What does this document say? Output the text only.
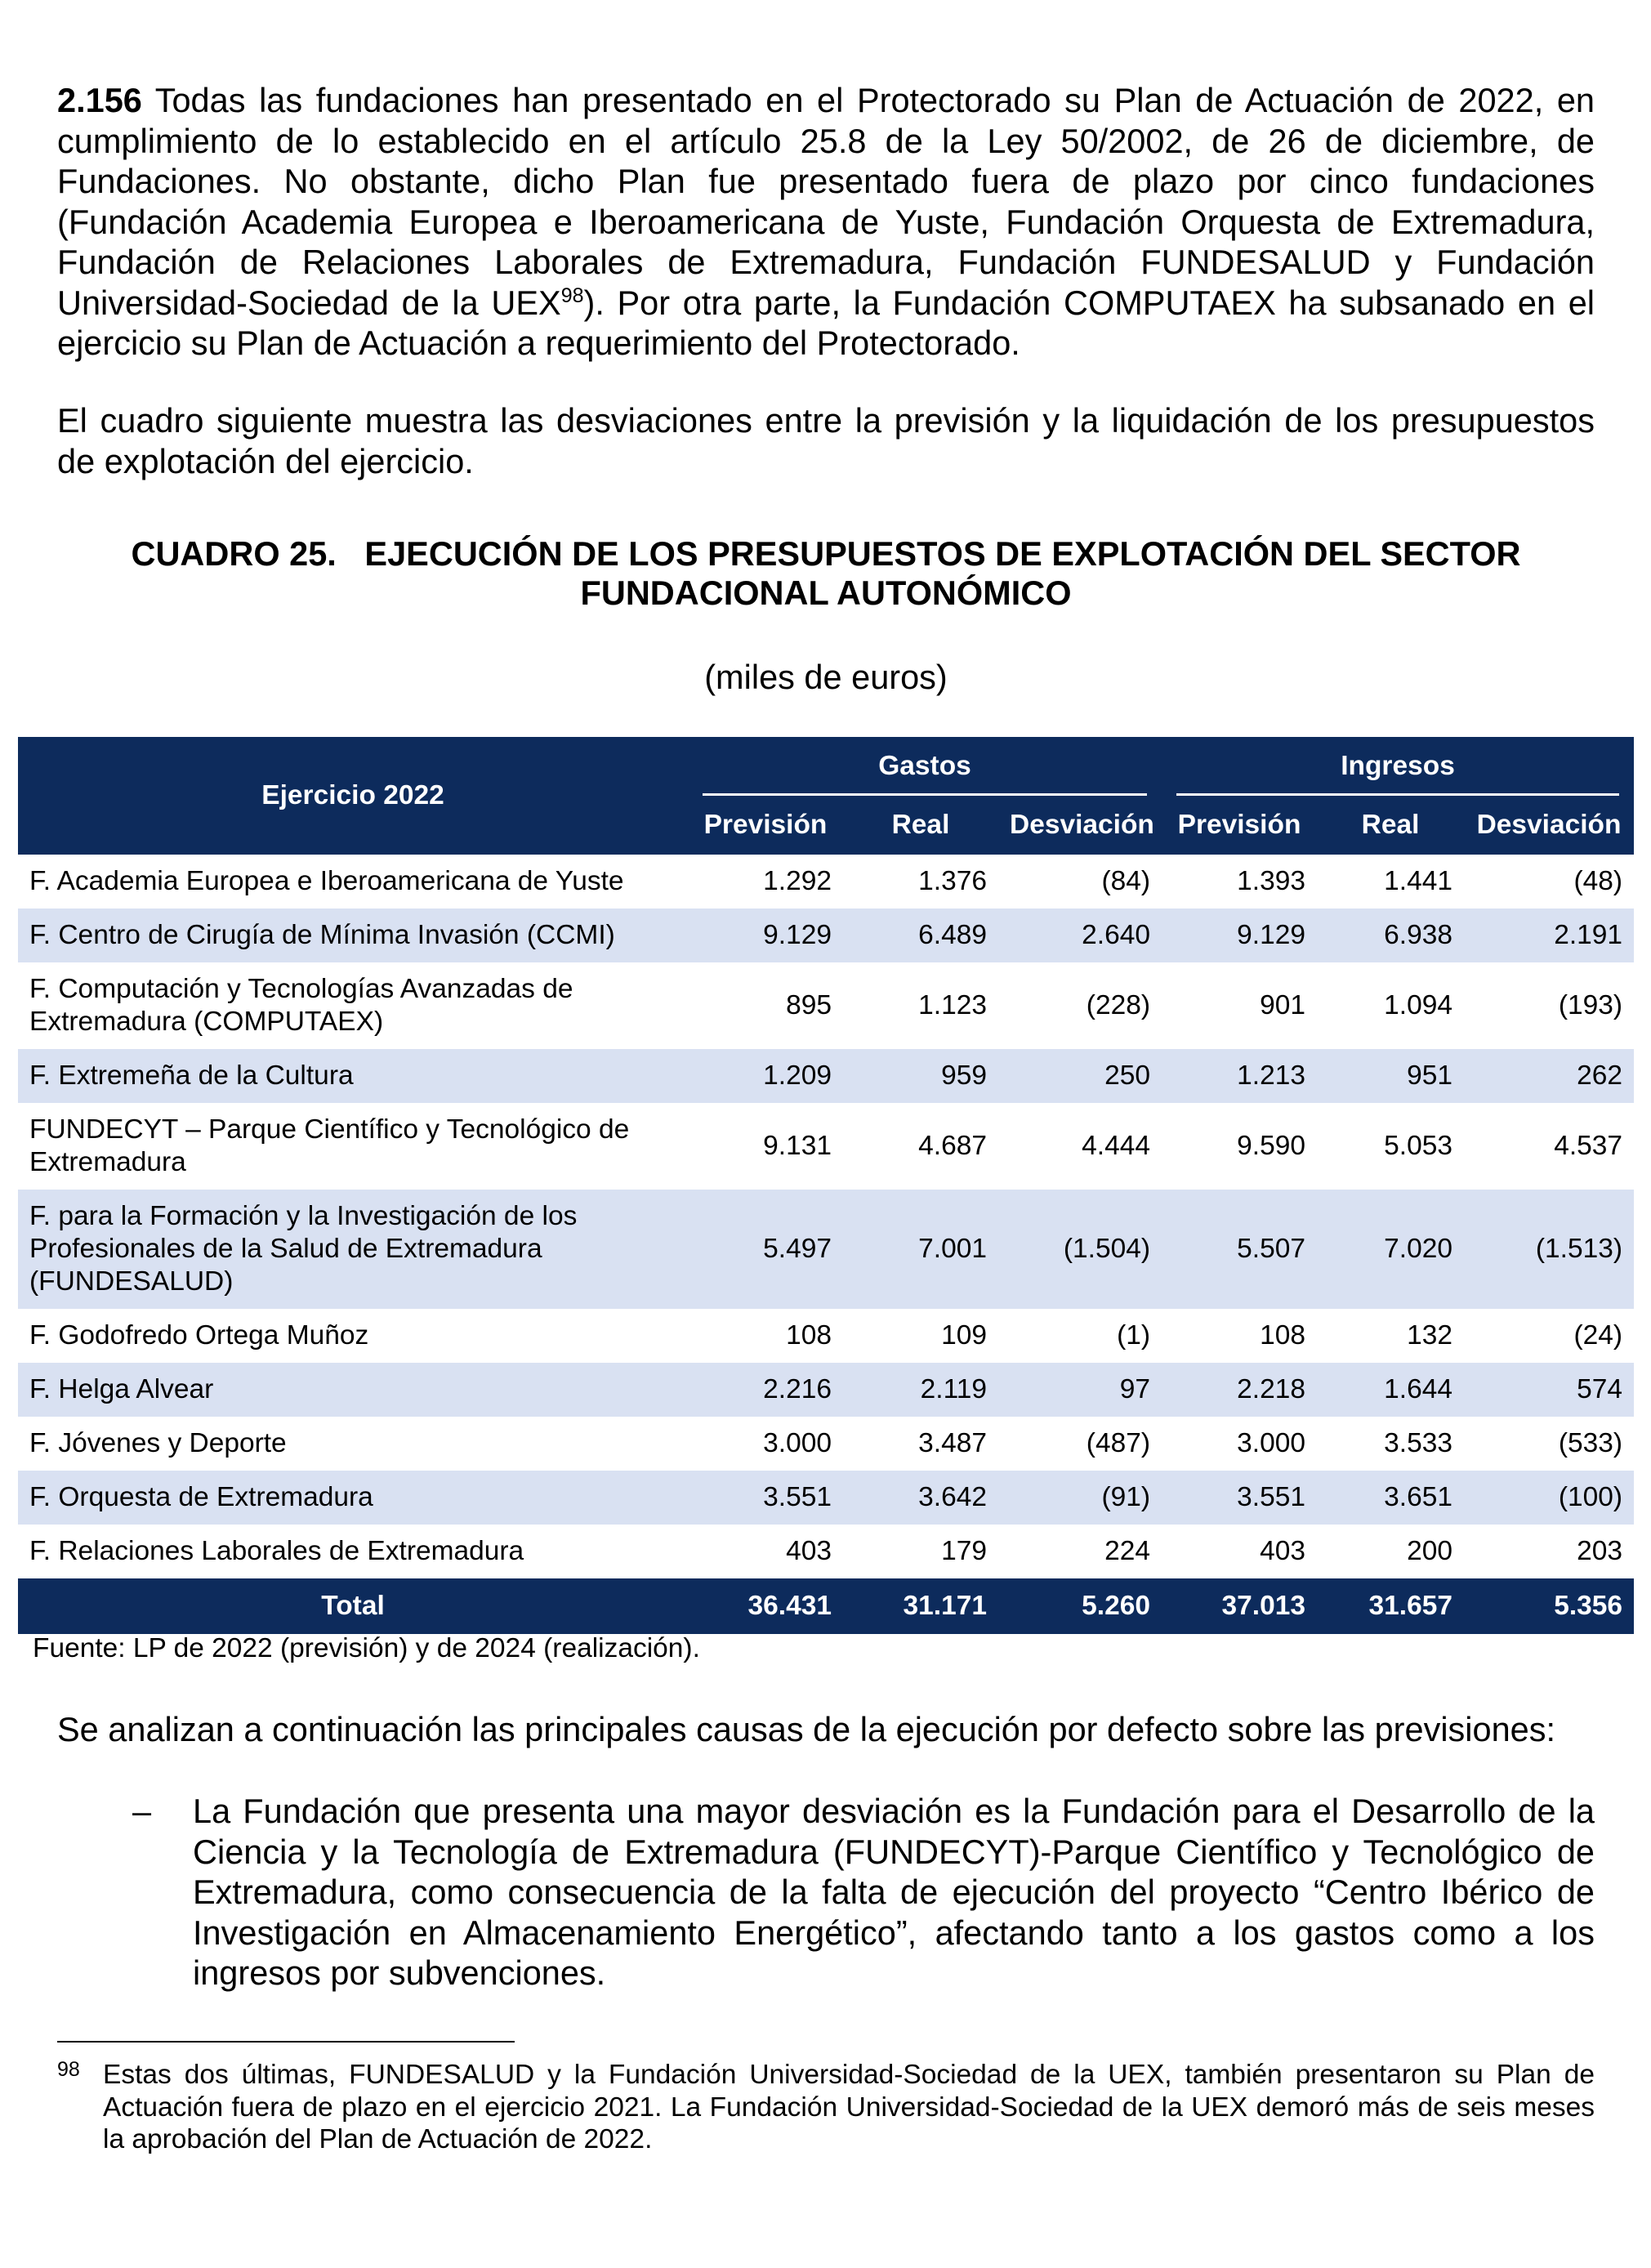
2.156 Todas las fundaciones han presentado en el Protectorado su Plan de Actuación de 2022, en cumplimiento de lo establecido en el artículo 25.8 de la Ley 50/2002, de 26 de diciembre, de Fundaciones. No obstante, dicho Plan fue presentado fuera de plazo por cinco fundaciones (Fundación Academia Europea e Iberoamericana de Yuste, Fundación Orquesta de Extremadura, Fundación de Relaciones Laborales de Extremadura, Fundación FUNDESALUD y Fundación Universidad-Sociedad de la UEX$^{98}$). Por otra parte, la Fundación COMPUTAEX ha subsanado en el ejercicio su Plan de Actuación a requerimiento del Protectorado.

El cuadro siguiente muestra las desviaciones entre la previsión y la liquidación de los presupuestos de explotación del ejercicio.

CUADRO 25.   EJECUCIÓN DE LOS PRESUPUESTOS DE EXPLOTACIÓN DEL SECTOR
FUNDACIONAL AUTONÓMICO

(miles de euros)

Ejercicio 2022	Gastos			Ingresos		

	Previsión	Real	Desviación	Previsión	Real	Desviación
F. Academia Europea e Iberoamericana de Yuste	1.292	1.376	(84)	1.393	1.441	(48)
F. Centro de Cirugía de Mínima Invasión (CCMI)	9.129	6.489	2.640	9.129	6.938	2.191
F. Computación y Tecnologías Avanzadas de Extremadura (COMPUTAEX)	895	1.123	(228)	901	1.094	(193)
F. Extremeña de la Cultura	1.209	959	250	1.213	951	262
FUNDECYT – Parque Científico y Tecnológico de Extremadura	9.131	4.687	4.444	9.590	5.053	4.537
F. para la Formación y la Investigación de los Profesionales de la Salud de Extremadura (FUNDESALUD)	5.497	7.001	(1.504)	5.507	7.020	(1.513)
F. Godofredo Ortega Muñoz	108	109	(1)	108	132	(24)
F. Helga Alvear	2.216	2.119	97	2.218	1.644	574
F. Jóvenes y Deporte	3.000	3.487	(487)	3.000	3.533	(533)
F. Orquesta de Extremadura	3.551	3.642	(91)	3.551	3.651	(100)
F. Relaciones Laborales de Extremadura	403	179	224	403	200	203
Total	36.431	31.171	5.260	37.013	31.657	5.356

Fuente: LP de 2022 (previsión) y de 2024 (realización).

Se analizan a continuación las principales causas de la ejecución por defecto sobre las previsiones:

– La Fundación que presenta una mayor desviación es la Fundación para el Desarrollo de la Ciencia y la Tecnología de Extremadura (FUNDECYT)-Parque Científico y Tecnológico de Extremadura, como consecuencia de la falta de ejecución del proyecto “Centro Ibérico de Investigación en Almacenamiento Energético”, afectando tanto a los gastos como a los ingresos por subvenciones.

98 Estas dos últimas, FUNDESALUD y la Fundación Universidad-Sociedad de la UEX, también presentaron su Plan de Actuación fuera de plazo en el ejercicio 2021. La Fundación Universidad-Sociedad de la UEX demoró más de seis meses la aprobación del Plan de Actuación de 2022.
